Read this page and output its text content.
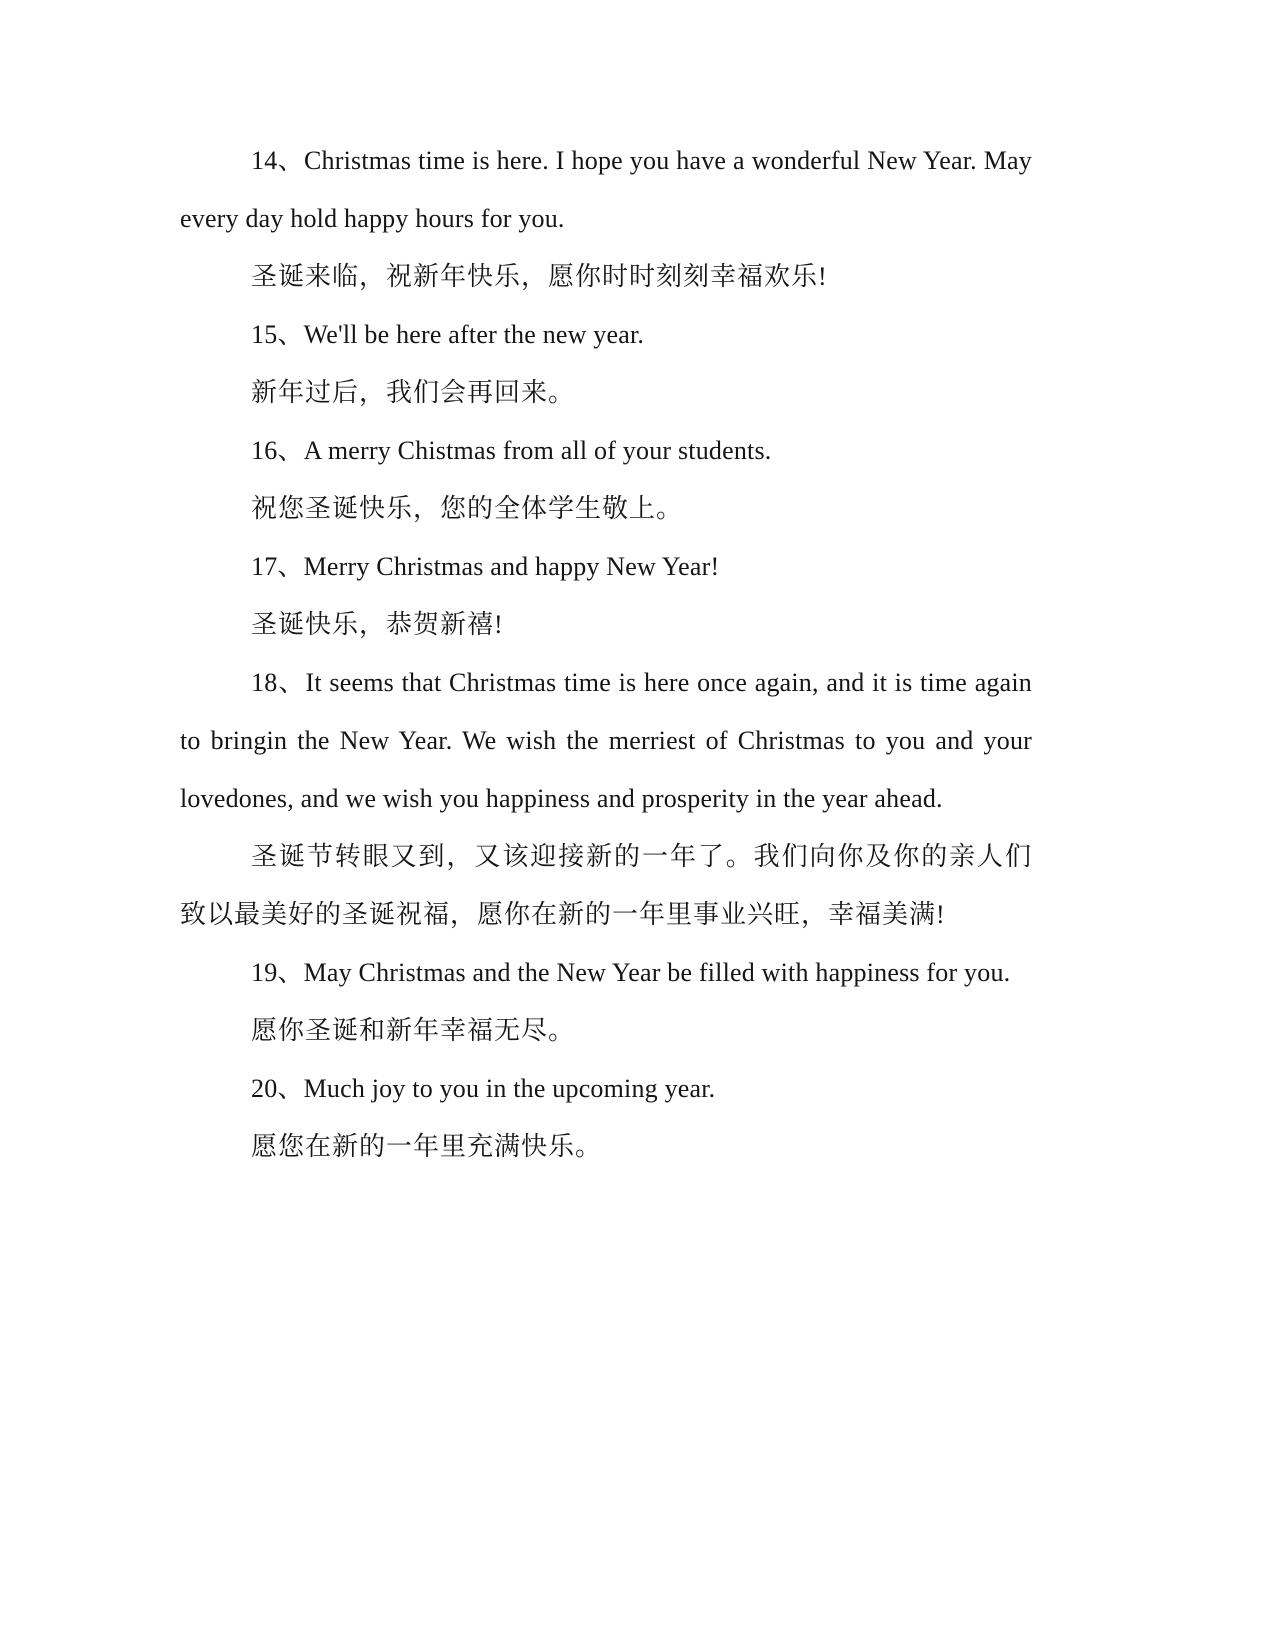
14、Christmas time is here. I hope you have a wonderful New Year. May every day hold happy hours for you.

圣诞来临，祝新年快乐，愿你时时刻刻幸福欢乐!

15、We'll be here after the new year.

新年过后，我们会再回来。

16、A merry Chistmas from all of your students.

祝您圣诞快乐，您的全体学生敬上。

17、Merry Christmas and happy New Year!

圣诞快乐，恭贺新禧!

18、It seems that Christmas time is here once again, and it is time again to bringin the New Year. We wish the merriest of Christmas to you and your lovedones, and we wish you happiness and prosperity in the year ahead.

圣诞节转眼又到，又该迎接新的一年了。我们向你及你的亲人们致以最美好的圣诞祝福，愿你在新的一年里事业兴旺，幸福美满!

19、May Christmas and the New Year be filled with happiness for you.

愿你圣诞和新年幸福无尽。

20、Much joy to you in the upcoming year.

愿您在新的一年里充满快乐。
